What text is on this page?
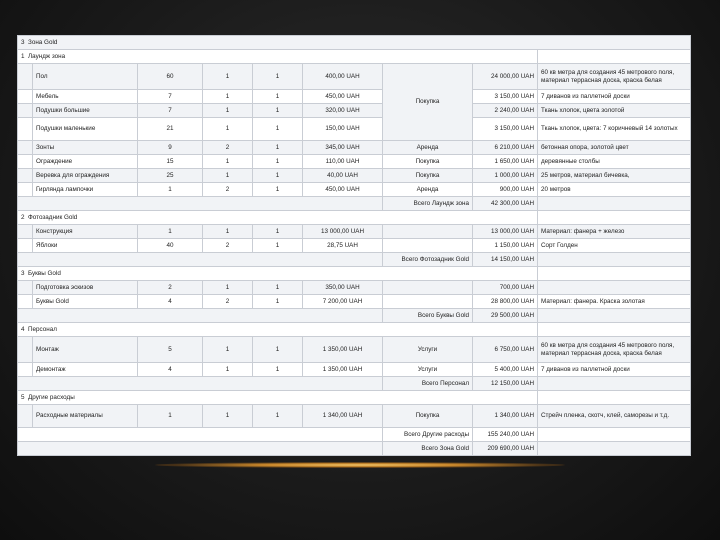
3 Зона Gold								
1 Лаундж зона								
	Пол	60	1	1	400,00 UAH	Покупка	24 000,00 UAH	60 кв метра для создания 45 метрового поля, материал террасная доска, краска белая
	Мебель	7	1	1	450,00 UAH		3 150,00 UAH	7 диванов из паллетной доски
	Подушки большие	7	1	1	320,00 UAH		2 240,00 UAH	Ткань хлопок, цвета золотой
	Подушки маленькие	21	1	1	150,00 UAH		3 150,00 UAH	Ткань хлопок, цвета: 7 коричневый 14 золотых
	Зонты	9	2	1	345,00 UAH	Аренда	6 210,00 UAH	бетонная опора, золотой цвет
	Ограждение	15	1	1	110,00 UAH	Покупка	1 650,00 UAH	деревянные столбы
	Веревка для ограждения	25	1	1	40,00 UAH	Покупка	1 000,00 UAH	25 метров, материал бичевка,
	Гирлянда лампочки	1	2	1	450,00 UAH	Аренда	900,00 UAH	20 метров
						Всего Лаундж зона	42 300,00 UAH	
2 Фотозадник Gold								
	Конструкция	1	1	1	13 000,00 UAH		13 000,00 UAH	Материал: фанера + железо
	Яблоки	40	2	1	28,75 UAH		1 150,00 UAH	Сорт Голден
						Всего Фотозадник Gold	14 150,00 UAH	
3 Буквы Gold								
	Подготовка эскизов	2	1	1	350,00 UAH		700,00 UAH	
	Буквы Gold	4	2	1	7 200,00 UAH		28 800,00 UAH	Материал: фанера. Краска золотая
						Всего Буквы Gold	29 500,00 UAH	
4 Персонал								
	Монтаж	5	1	1	1 350,00 UAH	Услуги	6 750,00 UAH	60 кв метра для создания 45 метрового поля, материал террасная доска, краска белая
	Демонтаж	4	1	1	1 350,00 UAH	Услуги	5 400,00 UAH	7 диванов из паллетной доски
						Всего Персонал	12 150,00 UAH	
5 Другие расходы								
	Расходные материалы	1	1	1	1 340,00 UAH	Покупка	1 340,00 UAH	Стрейч пленка, скотч, клей, саморезы и т.д.
						Всего Другие расходы	155 240,00 UAH	
						Всего Зона Gold	209 690,00 UAH	
